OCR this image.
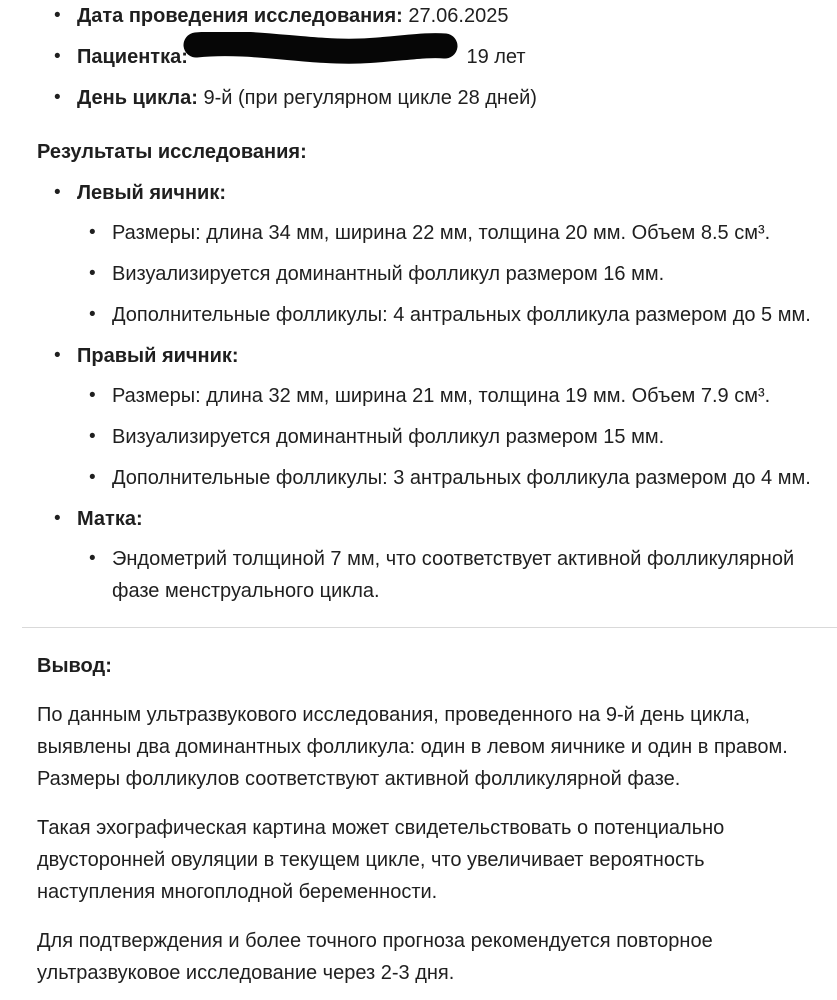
• Дата проведения исследования: 27.06.2025
• Пациентка:	19 лет
• День цикла: 9-й (при регулярном цикле 28 дней)

Результаты исследования:

• Левый яичник:
• Размеры: длина 34 мм, ширина 22 мм, толщина 20 мм. Объем 8.5 см³.
• Визуализируется доминантный фолликул размером 16 мм.
• Дополнительные фолликулы: 4 антральных фолликула размером до 5 мм.
• Правый яичник:
• Размеры: длина 32 мм, ширина 21 мм, толщина 19 мм. Объем 7.9 см³.
• Визуализируется доминантный фолликул размером 15 мм.
• Дополнительные фолликулы: 3 антральных фолликула размером до 4 мм.
• Матка:
• Эндометрий толщиной 7 мм, что соответствует активной фолликулярной фазе менструального цикла.

Вывод:

По данным ультразвукового исследования, проведенного на 9-й день цикла, выявлены два доминантных фолликула: один в левом яичнике и один в правом. Размеры фолликулов соответствуют активной фолликулярной фазе.

Такая эхографическая картина может свидетельствовать о потенциально двусторонней овуляции в текущем цикле, что увеличивает вероятность наступления многоплодной беременности.

Для подтверждения и более точного прогноза рекомендуется повторное ультразвуковое исследование через 2-3 дня.
